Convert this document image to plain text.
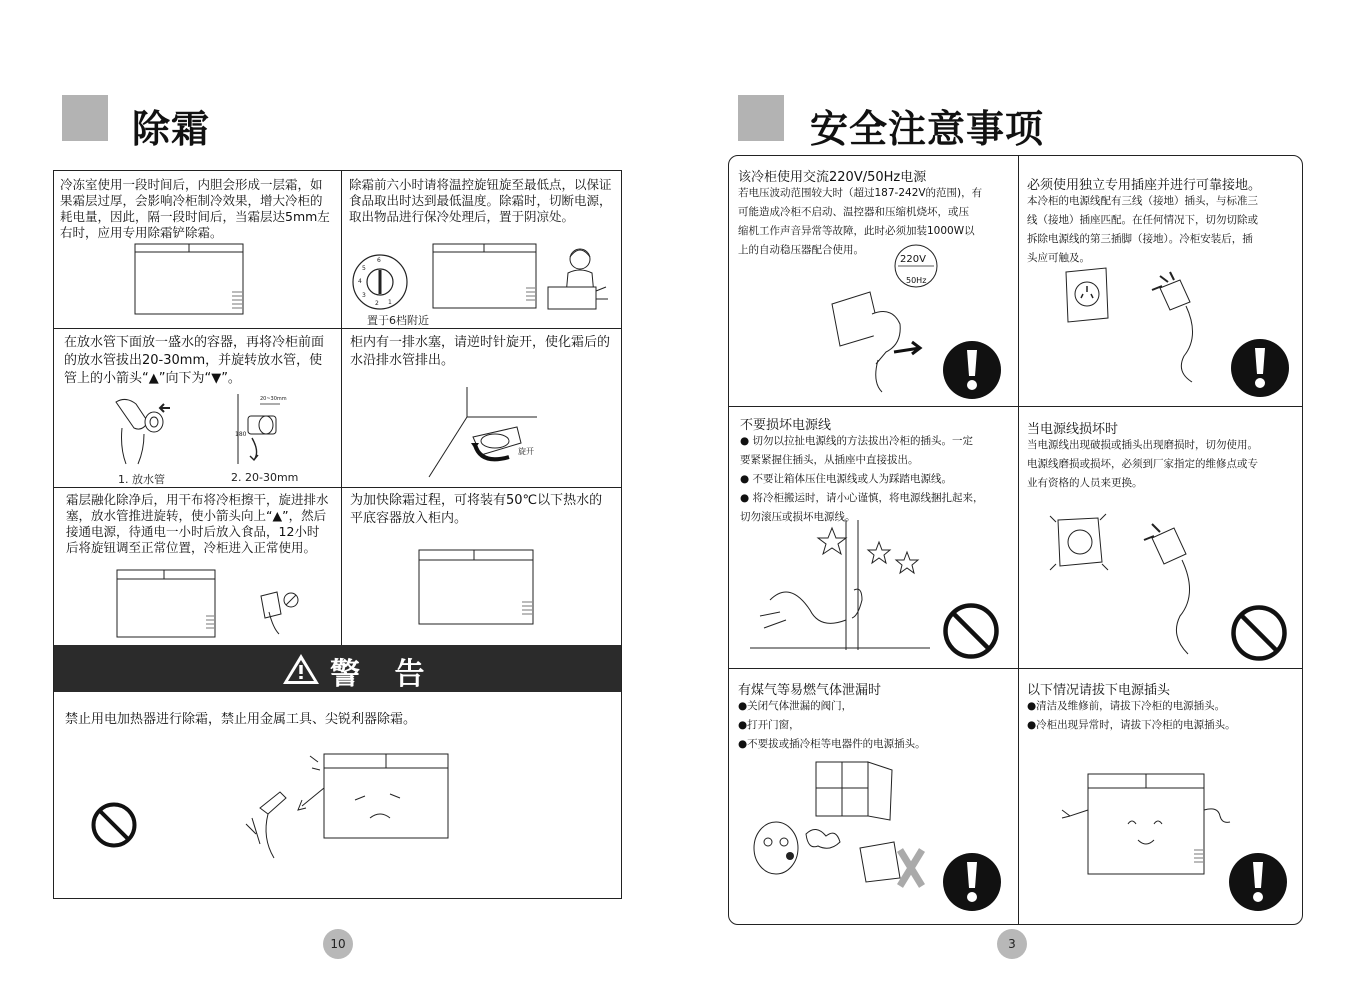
除霜
冷冻室使用一段时间后，内胆会形成一层霜，如果霜层过厚，会影响冷柜制冷效果，增大冷柜的耗电量，因此，隔一段时间后，当霜层达5mm左右时，应用专用除霜铲除霜。
除霜前六小时请将温控旋钮旋至最低点，以保证食品取出时达到最低温度。除霜时，切断电源，取出物品进行保冷处理后，置于阴凉处。
6
5
4
3
2 1
置于6档附近
在放水管下面放一盛水的容器，再将冷柜前面的放水管拔出20-30mm，并旋转放水管，使管上的小箭头“▲”向下为“▼”。
20~30mm
180
1. 放水管	2. 20-30mm
柜内有一排水塞，请逆时针旋开，使化霜后的水沿排水管排出。
旋开
霜层融化除净后，用干布将冷柜擦干，旋进排水塞，放水管推进旋转，使小箭头向上“▲”，然后接通电源，待通电一小时后放入食品，12小时后将旋钮调至正常位置，冷柜进入正常使用。
为加快除霜过程，可将装有50℃以下热水的平底容器放入柜内。
警 告
禁止用电加热器进行除霜，禁止用金属工具、尖锐利器除霜。
10
安全注意事项
该冷柜使用交流220V/50Hz电源
若电压波动范围较大时（超过187-242V的范围)，有
可能造成冷柜不启动、温控器和压缩机烧坏，或压
缩机工作声音异常等故障，此时必须加装1000W以
上的自动稳压器配合使用。
220V
50Hz
必须使用独立专用插座并进行可靠接地。
本冷柜的电源线配有三线（接地）插头，与标准三
线（接地）插座匹配。在任何情况下，切勿切除或
拆除电源线的第三插脚（接地）。冷柜安装后，插
头应可触及。
不要损坏电源线
● 切勿以拉扯电源线的方法拔出冷柜的插头。一定
要紧紧握住插头，从插座中直接拔出。
● 不要让箱体压住电源线或人为踩踏电源线。
● 将冷柜搬运时，请小心谨慎，将电源线捆扎起来，
切勿滚压或损坏电源线。
当电源线损坏时
当电源线出现破损或插头出现磨损时，切勿使用。
电源线磨损或损坏，必须到厂家指定的维修点或专
业有资格的人员来更换。
有煤气等易燃气体泄漏时
●关闭气体泄漏的阀门，
●打开门窗，
●不要拔或插冷柜等电器件的电源插头。
以下情况请拔下电源插头
●清洁及维修前，请拔下冷柜的电源插头。
●冷柜出现异常时，请拔下冷柜的电源插头。
3
